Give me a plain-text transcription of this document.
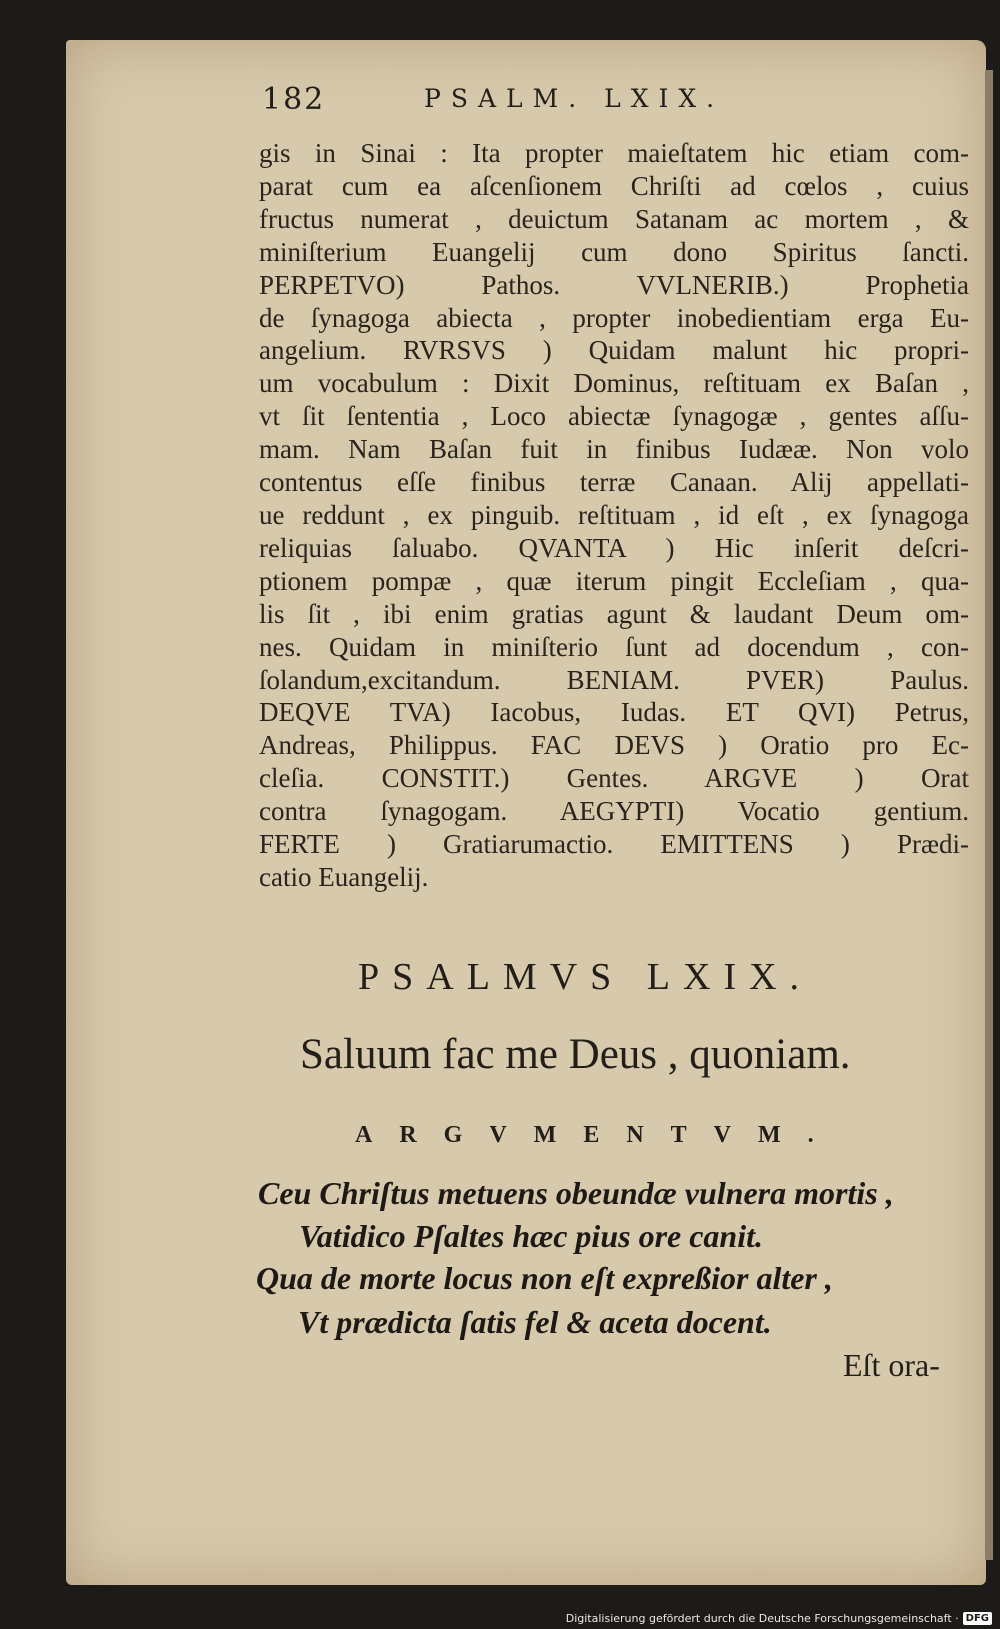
182	PSALM. LXIX.
gis in Sinai : Ita propter maieſtatem hic etiam com-
parat cum ea aſcenſionem Chriſti ad cœlos , cuius
fructus numerat , deuictum Satanam ac mortem , &
miniſterium Euangelij cum dono Spiritus ſancti.
PERPETVO) Pathos. VVLNERIB.) Prophetia
de ſynagoga abiecta , propter inobedientiam erga Eu-
angelium. RVRSVS ) Quidam malunt hic propri-
um vocabulum : Dixit Dominus, reſtituam ex Baſan ,
vt ſit ſententia , Loco abiectæ ſynagogæ , gentes aſſu-
mam. Nam Baſan fuit in finibus Iudææ. Non volo
contentus eſſe finibus terræ Canaan. Alij appellati-
ue reddunt , ex pinguib. reſtituam , id eſt , ex ſynagoga
reliquias ſaluabo. QVANTA ) Hic inſerit deſcri-
ptionem pompæ , quæ iterum pingit Eccleſiam , qua-
lis ſit , ibi enim gratias agunt & laudant Deum om-
nes. Quidam in miniſterio ſunt ad docendum , con-
ſolandum,excitandum. BENIAM. PVER) Paulus.
DEQVE TVA) Iacobus, Iudas. ET QVI) Petrus,
Andreas, Philippus. FAC DEVS ) Oratio pro Ec-
cleſia. CONSTIT.) Gentes. ARGVE ) Orat
contra ſynagogam. AEGYPTI) Vocatio gentium.
FERTE ) Gratiarumactio. EMITTENS ) Prædi-
catio Euangelij.
PSALMVS LXIX.
Saluum fac me Deus , quoniam.
ARGVMENTVM.
Ceu Chriſtus metuens obeundæ vulnera mortis ,
Vatidico Pſaltes hæc pius ore canit.
Qua de morte locus non eſt expreßior alter ,
Vt prædicta ſatis fel & aceta docent.
Eſt ora-
Digitalisierung gefördert durch die Deutsche Forschungsgemeinschaft · DFG
